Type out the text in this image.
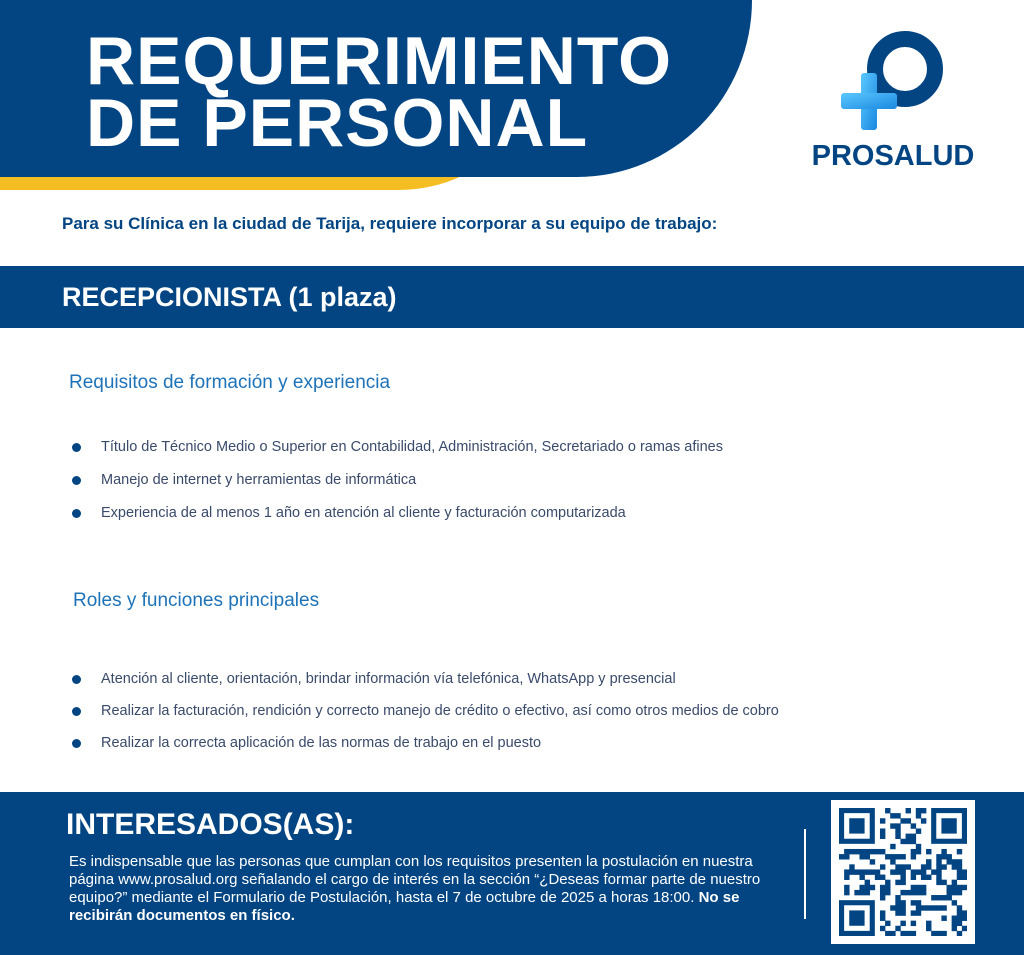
REQUERIMIENTO
DE PERSONAL	PROSALUD

Para su Clínica en la ciudad de Tarija, requiere incorporar a su equipo de trabajo:

RECEPCIONISTA (1 plaza)
Requisitos de formación y experiencia
Título de Técnico Medio o Superior en Contabilidad, Administración, Secretariado o ramas afines
Manejo de internet y herramientas de informática
Experiencia de al menos 1 año en atención al cliente y facturación computarizada
Roles y funciones principales
Atención al cliente, orientación, brindar información vía telefónica, WhatsApp y presencial
Realizar la facturación, rendición y correcto manejo de crédito o efectivo, así como otros medios de cobro
Realizar la correcta aplicación de las normas de trabajo en el puesto
INTERESADOS(AS):

Es indispensable que las personas que cumplan con los requisitos presenten la postulación en nuestra página www.prosalud.org señalando el cargo de interés en la sección “¿Deseas formar parte de nuestro equipo?” mediante el Formulario de Postulación, hasta el 7 de octubre de 2025 a horas 18:00. No se recibirán documentos en físico.
